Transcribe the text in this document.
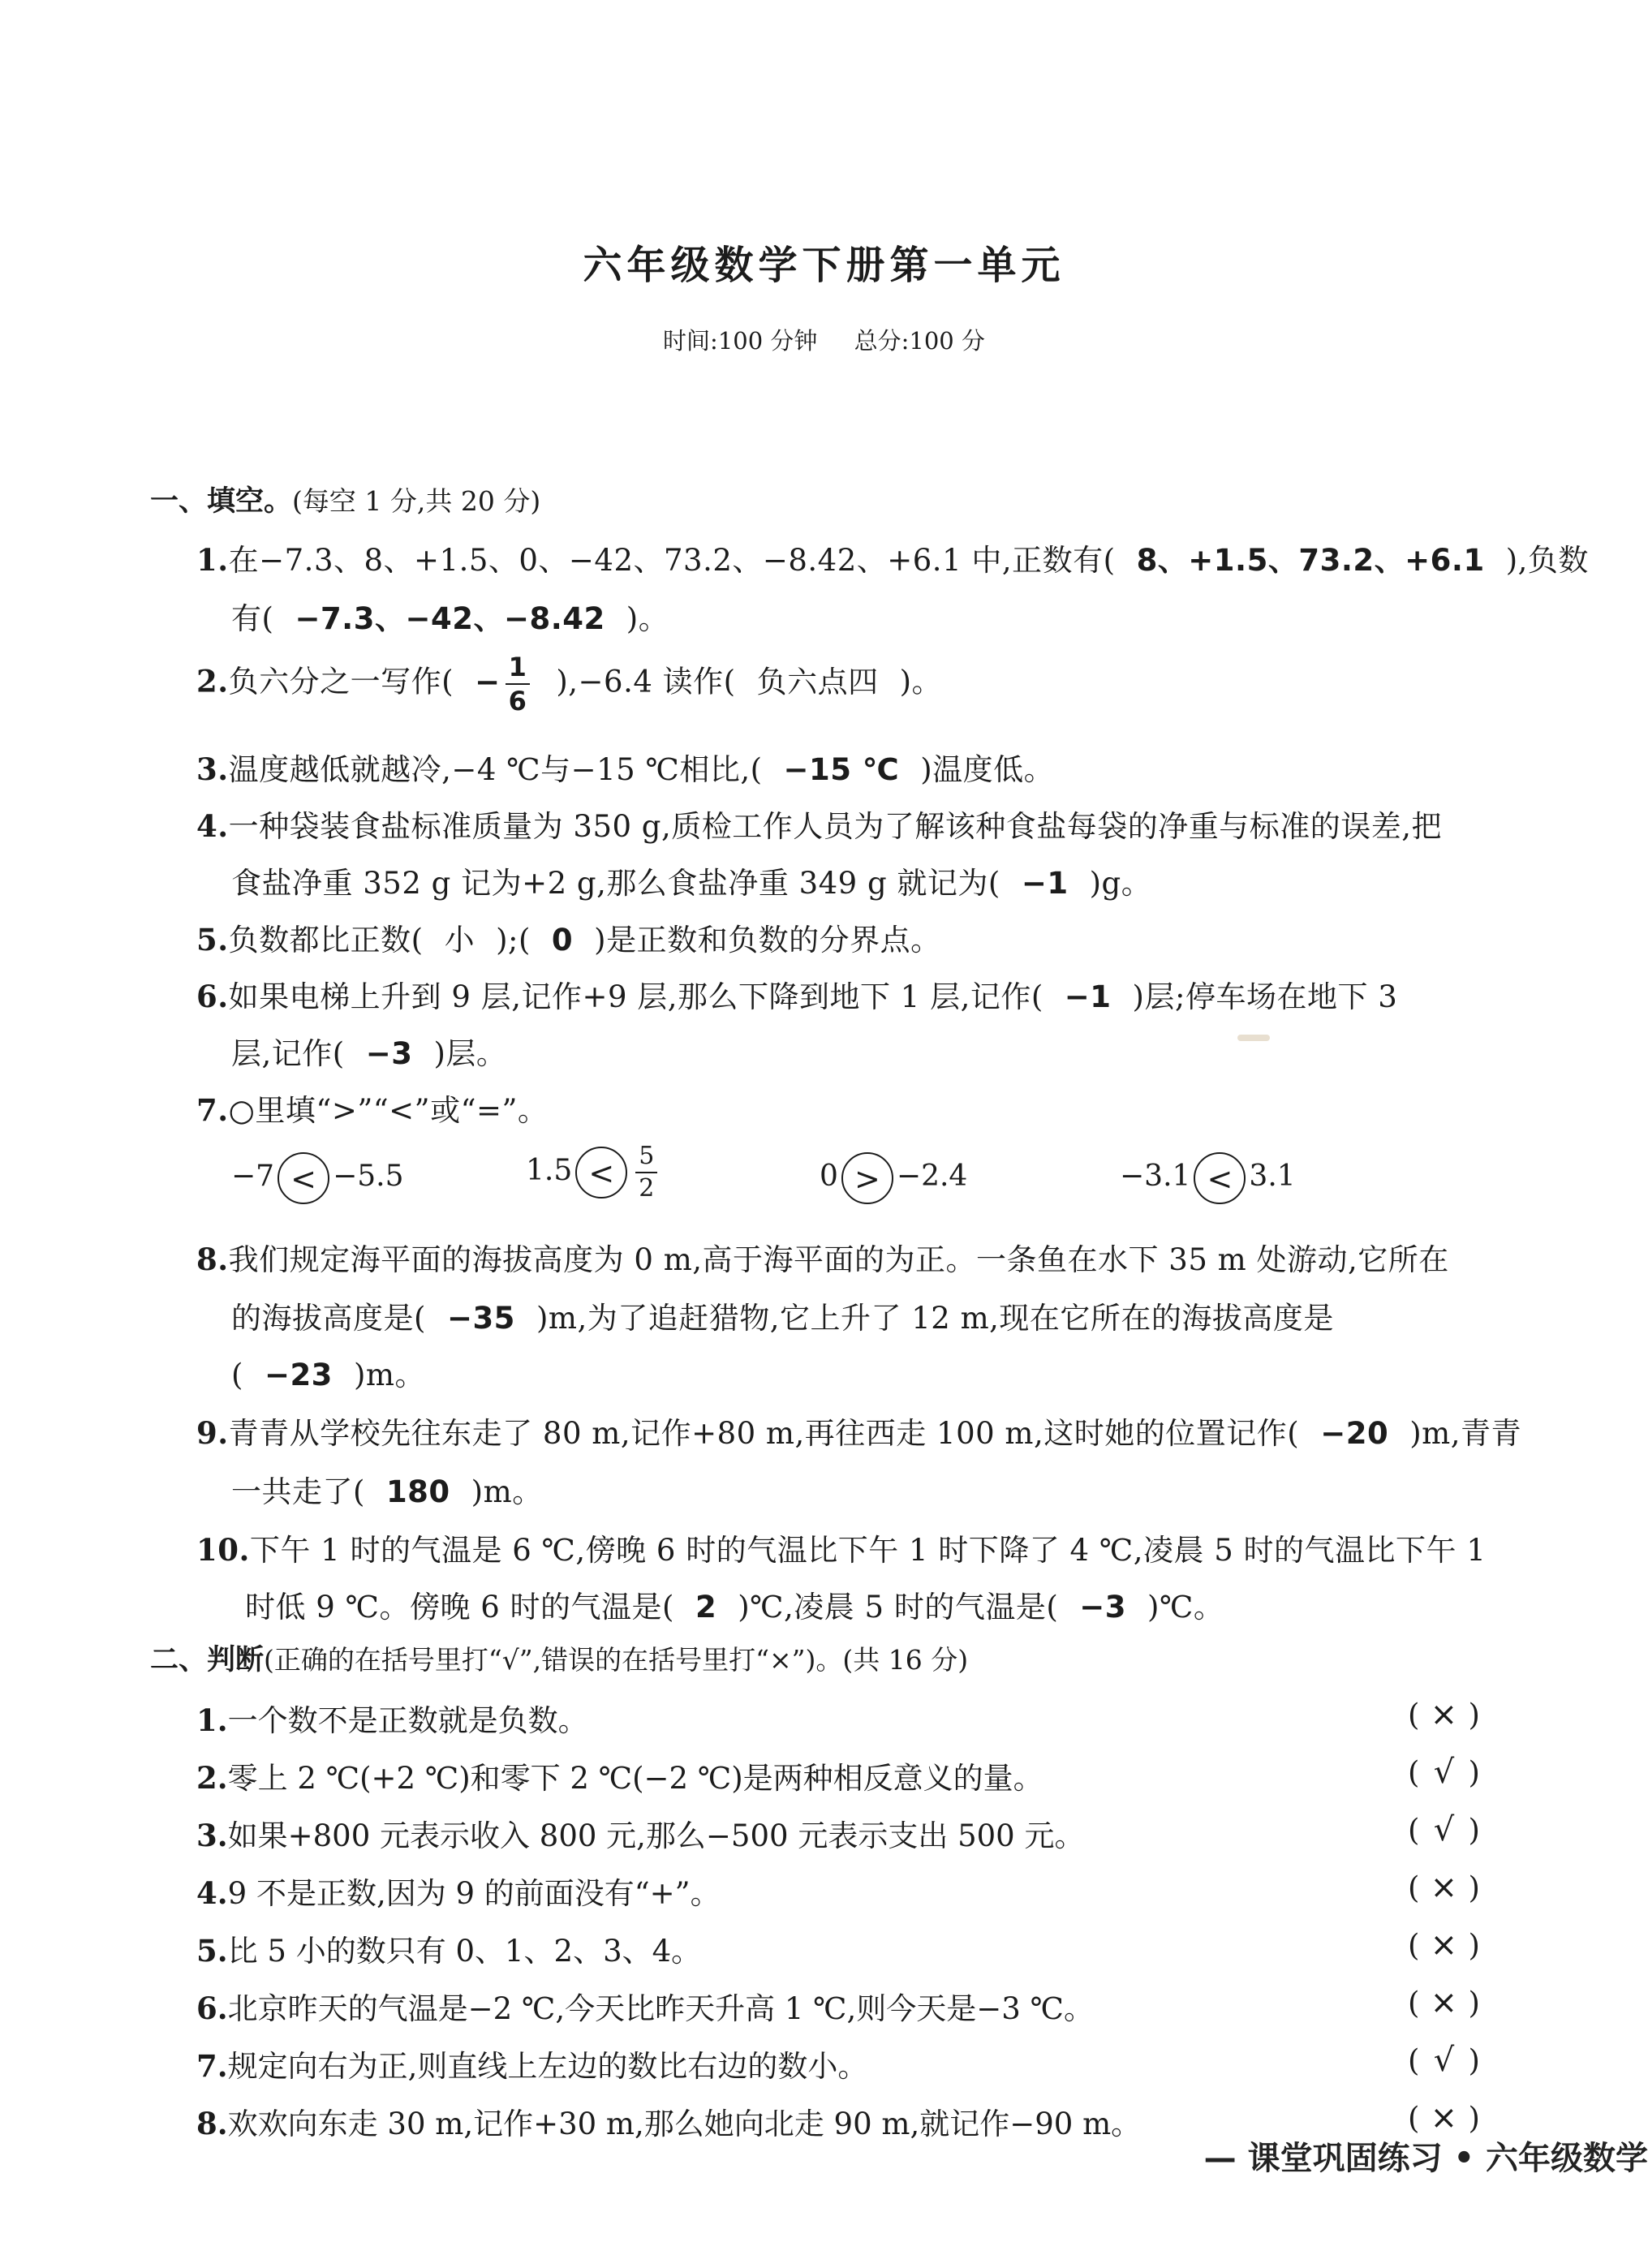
六年级数学下册第一单元
时间:100 分钟 总分:100 分
一、填空。(每空 1 分,共 20 分)
1.在−7.3、8、+1.5、0、−42、73.2、−8.42、+6.1 中,正数有( 8、+1.5、73.2、+6.1 ),负数
有( −7.3、−42、−8.42 )。
2.负六分之一写作( − $\frac{1}{6} ),-6.4$ 读作( 负六点四 )。
3.温度越低就越冷,−4 ℃与−15 ℃相比,( −15 ℃ )温度低。
4.一种袋装食盐标准质量为 350 g,质检工作人员为了解该种食盐每袋的净重与标准的误差,把
食盐净重 352 g 记为+2 g,那么食盐净重 349 g 就记为( −1 )g。
5.负数都比正数( 小 );( 0 )是正数和负数的分界点。
6.如果电梯上升到 9 层,记作+9 层,那么下降到地下 1 层,记作( −1 )层;停车场在地下 3
层,记作( −3 )层。
7.○里填“>”“<”或“=”。
−7 < −5.5	$1.5 < \frac{5}{2}$	0 > −2.4	−3.1 < 3.1
8.我们规定海平面的海拔高度为 0 m,高于海平面的为正。一条鱼在水下 35 m 处游动,它所在
的海拔高度是( −35 )m,为了追赶猎物,它上升了 12 m,现在它所在的海拔高度是
( −23 )m。
9.青青从学校先往东走了 80 m,记作+80 m,再往西走 100 m,这时她的位置记作( −20 )m,青青
一共走了( 180 )m。
10.下午 1 时的气温是 6 ℃,傍晚 6 时的气温比下午 1 时下降了 4 ℃,凌晨 5 时的气温比下午 1
时低 9 ℃。傍晚 6 时的气温是( 2 )℃,凌晨 5 时的气温是( −3 )℃。
二、判断(正确的在括号里打“√”,错误的在括号里打“×”)。(共 16 分)
1.一个数不是正数就是负数。	( × )
2.零上 2 ℃(+2 ℃)和零下 2 ℃(−2 ℃)是两种相反意义的量。	( √ )
3.如果+800 元表示收入 800 元,那么−500 元表示支出 500 元。	( √ )
4.9 不是正数,因为 9 的前面没有“+”。	( × )
5.比 5 小的数只有 0、1、2、3、4。	( × )
6.北京昨天的气温是−2 ℃,今天比昨天升高 1 ℃,则今天是−3 ℃。	( × )
7.规定向右为正,则直线上左边的数比右边的数小。	( √ )
8.欢欢向东走 30 m,记作+30 m,那么她向北走 90 m,就记作−90 m。	( × )
— 课堂巩固练习 • 六年级数学
